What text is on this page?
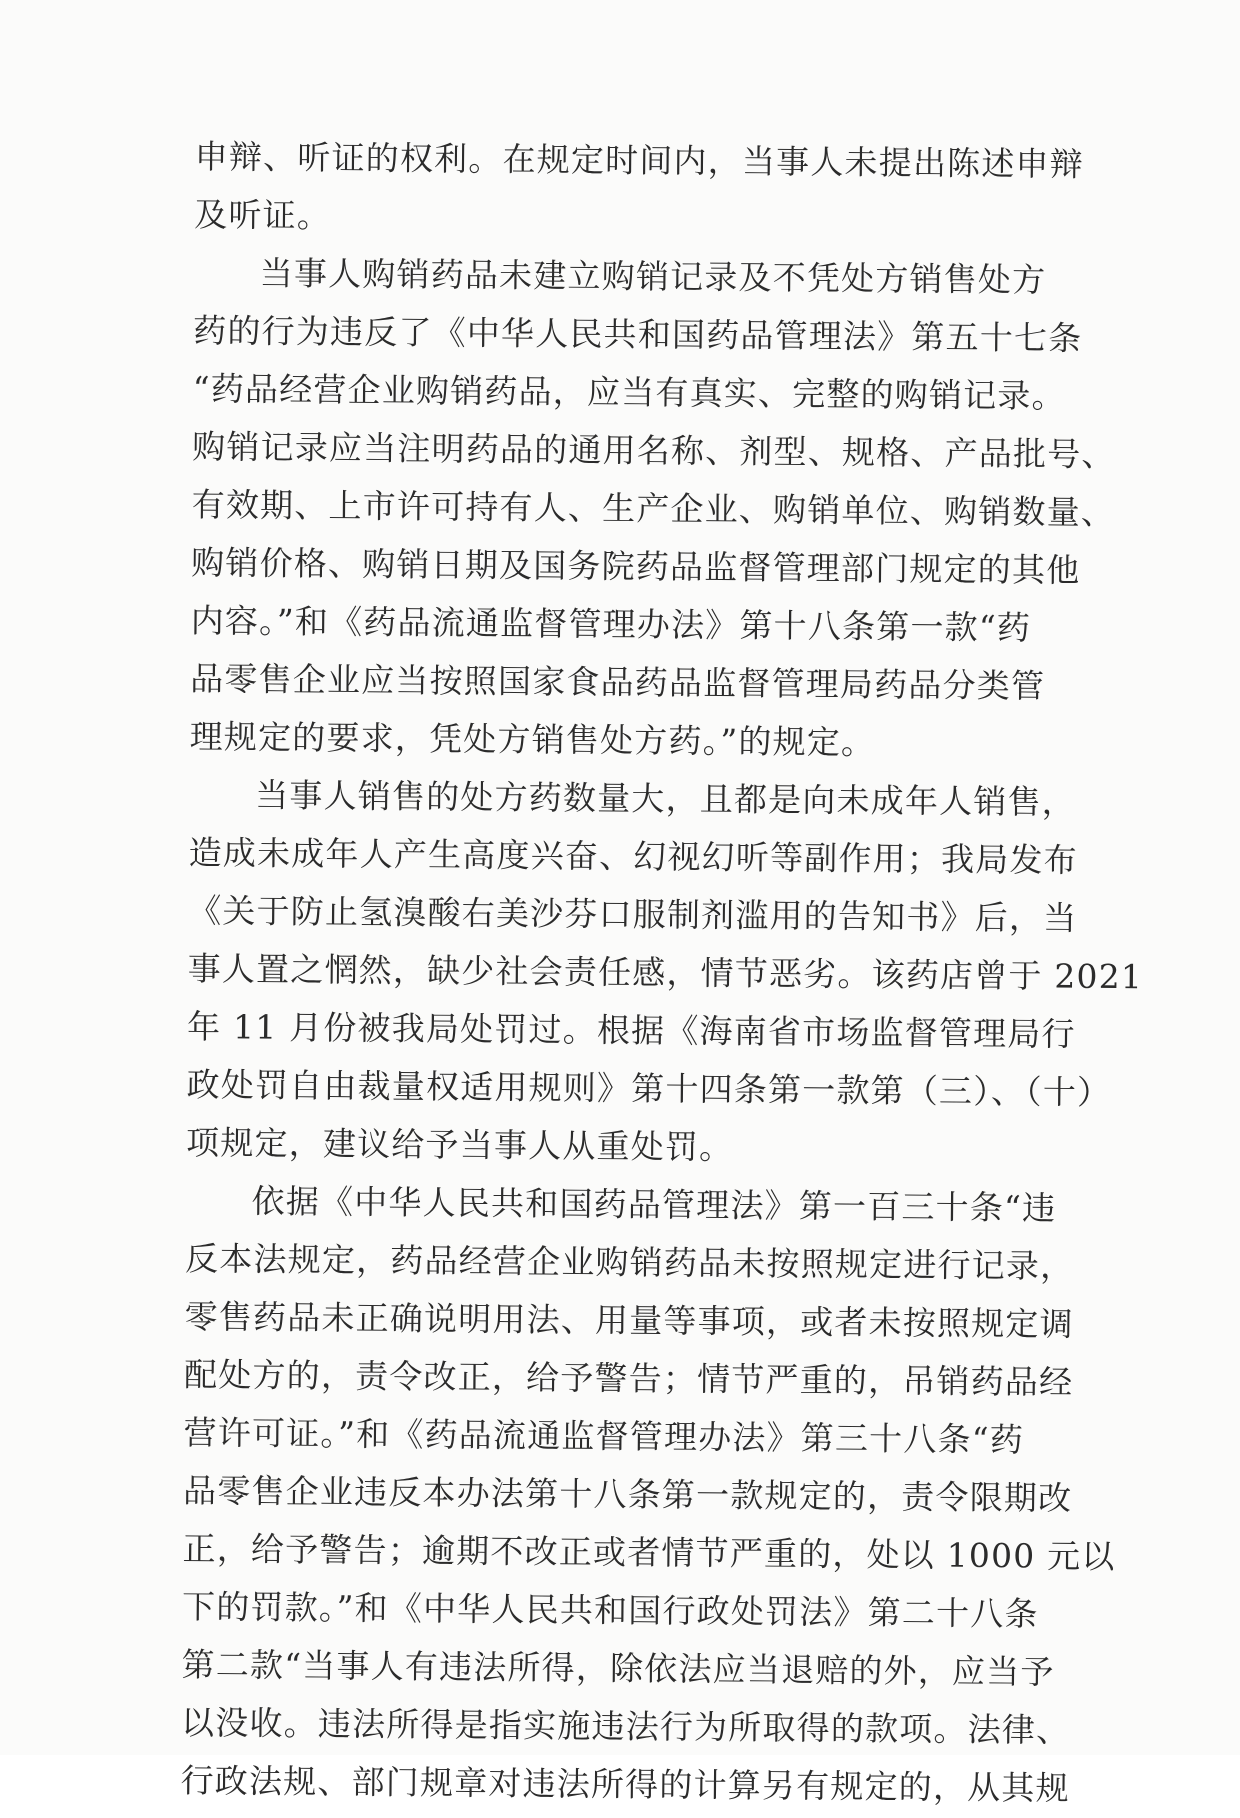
申辩、听证的权利。在规定时间内，当事人未提出陈述申辩
及听证。
当事人购销药品未建立购销记录及不凭处方销售处方
药的行为违反了《中华人民共和国药品管理法》第五十七条
“药品经营企业购销药品，应当有真实、完整的购销记录。
购销记录应当注明药品的通用名称、剂型、规格、产品批号、
有效期、上市许可持有人、生产企业、购销单位、购销数量、
购销价格、购销日期及国务院药品监督管理部门规定的其他
内容。”和《药品流通监督管理办法》第十八条第一款“药
品零售企业应当按照国家食品药品监督管理局药品分类管
理规定的要求，凭处方销售处方药。”的规定。
当事人销售的处方药数量大，且都是向未成年人销售，
造成未成年人产生高度兴奋、幻视幻听等副作用；我局发布
《关于防止氢溴酸右美沙芬口服制剂滥用的告知书》后，当
事人置之惘然，缺少社会责任感，情节恶劣。该药店曾于 2021
年 11 月份被我局处罚过。根据《海南省市场监督管理局行
政处罚自由裁量权适用规则》第十四条第一款第（三）、（十）
项规定，建议给予当事人从重处罚。
依据《中华人民共和国药品管理法》第一百三十条“违
反本法规定，药品经营企业购销药品未按照规定进行记录，
零售药品未正确说明用法、用量等事项，或者未按照规定调
配处方的，责令改正，给予警告；情节严重的，吊销药品经
营许可证。”和《药品流通监督管理办法》第三十八条“药
品零售企业违反本办法第十八条第一款规定的，责令限期改
正，给予警告；逾期不改正或者情节严重的，处以 1000 元以
下的罚款。”和《中华人民共和国行政处罚法》第二十八条
第二款“当事人有违法所得，除依法应当退赔的外，应当予
以没收。违法所得是指实施违法行为所取得的款项。法律、
行政法规、部门规章对违法所得的计算另有规定的，从其规
